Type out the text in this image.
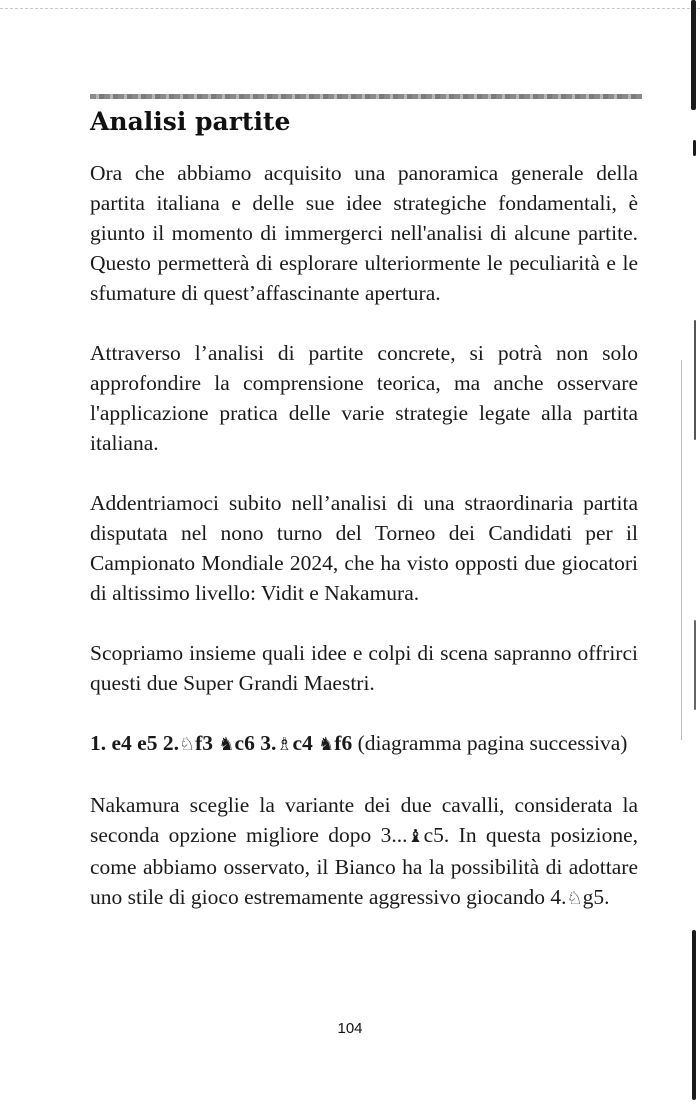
Analisi partite

Ora che abbiamo acquisito una panoramica generale della partita italiana e delle sue idee strategiche fondamentali, è giunto il momento di immergerci nell'analisi di alcune partite. Questo permetterà di esplorare ulteriormente le peculiarità e le sfumature di quest’affascinante apertura.

Attraverso l’analisi di partite concrete, si potrà non solo approfondire la comprensione teorica, ma anche osservare l'applicazione pratica delle varie strategie legate alla partita italiana.

Addentriamoci subito nell’analisi di una straordinaria partita disputata nel nono turno del Torneo dei Candidati per il Campionato Mondiale 2024, che ha visto opposti due giocatori di altissimo livello: Vidit e Nakamura.

Scopriamo insieme quali idee e colpi di scena sapranno offrirci questi due Super Grandi Maestri.

1. e4 e5 2.♘f3 ♞c6 3.♗c4 ♞f6 (diagramma pagina successiva)

Nakamura sceglie la variante dei due cavalli, considerata la seconda opzione migliore dopo 3...♝c5. In questa posizione, come abbiamo osservato, il Bianco ha la possibilità di adottare uno stile di gioco estremamente aggressivo giocando 4.♘g5.

104
